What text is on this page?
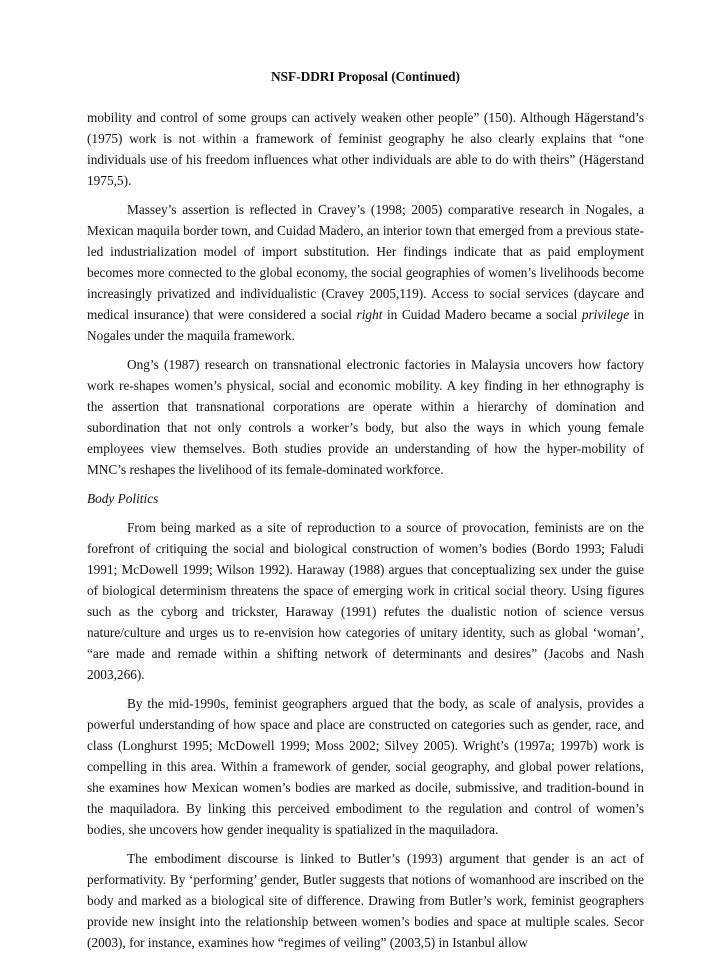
NSF-DDRI Proposal (Continued)

mobility and control of some groups can actively weaken other people” (150). Although Hägerstand’s (1975) work is not within a framework of feminist geography he also clearly explains that “one individuals use of his freedom influences what other individuals are able to do with theirs” (Hägerstand 1975,5).

Massey’s assertion is reflected in Cravey’s (1998; 2005) comparative research in Nogales, a Mexican maquila border town, and Cuidad Madero, an interior town that emerged from a previous state-led industrialization model of import substitution. Her findings indicate that as paid employment becomes more connected to the global economy, the social geographies of women’s livelihoods become increasingly privatized and individualistic (Cravey 2005,119). Access to social services (daycare and medical insurance) that were considered a social right in Cuidad Madero became a social privilege in Nogales under the maquila framework.

Ong’s (1987) research on transnational electronic factories in Malaysia uncovers how factory work re-shapes women’s physical, social and economic mobility. A key finding in her ethnography is the assertion that transnational corporations are operate within a hierarchy of domination and subordination that not only controls a worker’s body, but also the ways in which young female employees view themselves. Both studies provide an understanding of how the hyper-mobility of MNC’s reshapes the livelihood of its female-dominated workforce.

Body Politics

From being marked as a site of reproduction to a source of provocation, feminists are on the forefront of critiquing the social and biological construction of women’s bodies (Bordo 1993; Faludi 1991; McDowell 1999; Wilson 1992). Haraway (1988) argues that conceptualizing sex under the guise of biological determinism threatens the space of emerging work in critical social theory. Using figures such as the cyborg and trickster, Haraway (1991) refutes the dualistic notion of science versus nature/culture and urges us to re-envision how categories of unitary identity, such as global ‘woman’, “are made and remade within a shifting network of determinants and desires” (Jacobs and Nash 2003,266).

By the mid-1990s, feminist geographers argued that the body, as scale of analysis, provides a powerful understanding of how space and place are constructed on categories such as gender, race, and class (Longhurst 1995; McDowell 1999; Moss 2002; Silvey 2005). Wright’s (1997a; 1997b) work is compelling in this area. Within a framework of gender, social geography, and global power relations, she examines how Mexican women’s bodies are marked as docile, submissive, and tradition-bound in the maquiladora. By linking this perceived embodiment to the regulation and control of women’s bodies, she uncovers how gender inequality is spatialized in the maquiladora.

The embodiment discourse is linked to Butler’s (1993) argument that gender is an act of performativity. By ‘performing’ gender, Butler suggests that notions of womanhood are inscribed on the body and marked as a biological site of difference. Drawing from Butler’s work, feminist geographers provide new insight into the relationship between women’s bodies and space at multiple scales. Secor (2003), for instance, examines how “regimes of veiling” (2003,5) in Istanbul allow
